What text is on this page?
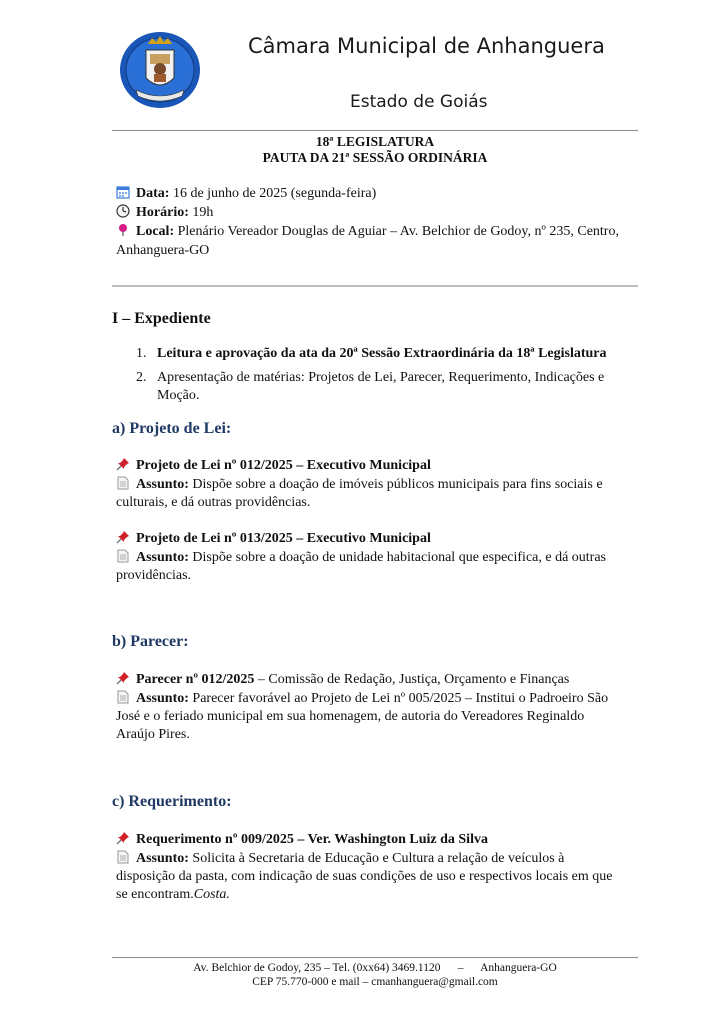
Câmara Municipal de Anhanguera
Estado de Goiás
18ª LEGISLATURA
PAUTA DA 21ª SESSÃO ORDINÁRIA
Data: 16 de junho de 2025 (segunda-feira)
Horário: 19h
Local: Plenário Vereador Douglas de Aguiar – Av. Belchior de Godoy, nº 235, Centro,
Anhanguera-GO
I – Expediente
1. Leitura e aprovação da ata da 20ª Sessão Extraordinária da 18ª Legislatura
2. Apresentação de matérias: Projetos de Lei, Parecer, Requerimento, Indicações e
Moção.
a) Projeto de Lei:
Projeto de Lei nº 012/2025 – Executivo Municipal
Assunto: Dispõe sobre a doação de imóveis públicos municipais para fins sociais e
culturais, e dá outras providências.
Projeto de Lei nº 013/2025 – Executivo Municipal
Assunto: Dispõe sobre a doação de unidade habitacional que especifica, e dá outras
providências.
b) Parecer:
Parecer nº 012/2025 – Comissão de Redação, Justiça, Orçamento e Finanças
Assunto: Parecer favorável ao Projeto de Lei nº 005/2025 – Institui o Padroeiro São
José e o feriado municipal em sua homenagem, de autoria do Vereadores Reginaldo
Araújo Pires.
c) Requerimento:
Requerimento nº 009/2025 – Ver. Washington Luiz da Silva
Assunto: Solicita à Secretaria de Educação e Cultura a relação de veículos à
disposição da pasta, com indicação de suas condições de uso e respectivos locais em que
se encontram.Costa.
Av. Belchior de Godoy, 235 – Tel. (0xx64) 3469.1120      –      Anhanguera-GO
CEP 75.770-000 e mail – cmanhanguera@gmail.com
